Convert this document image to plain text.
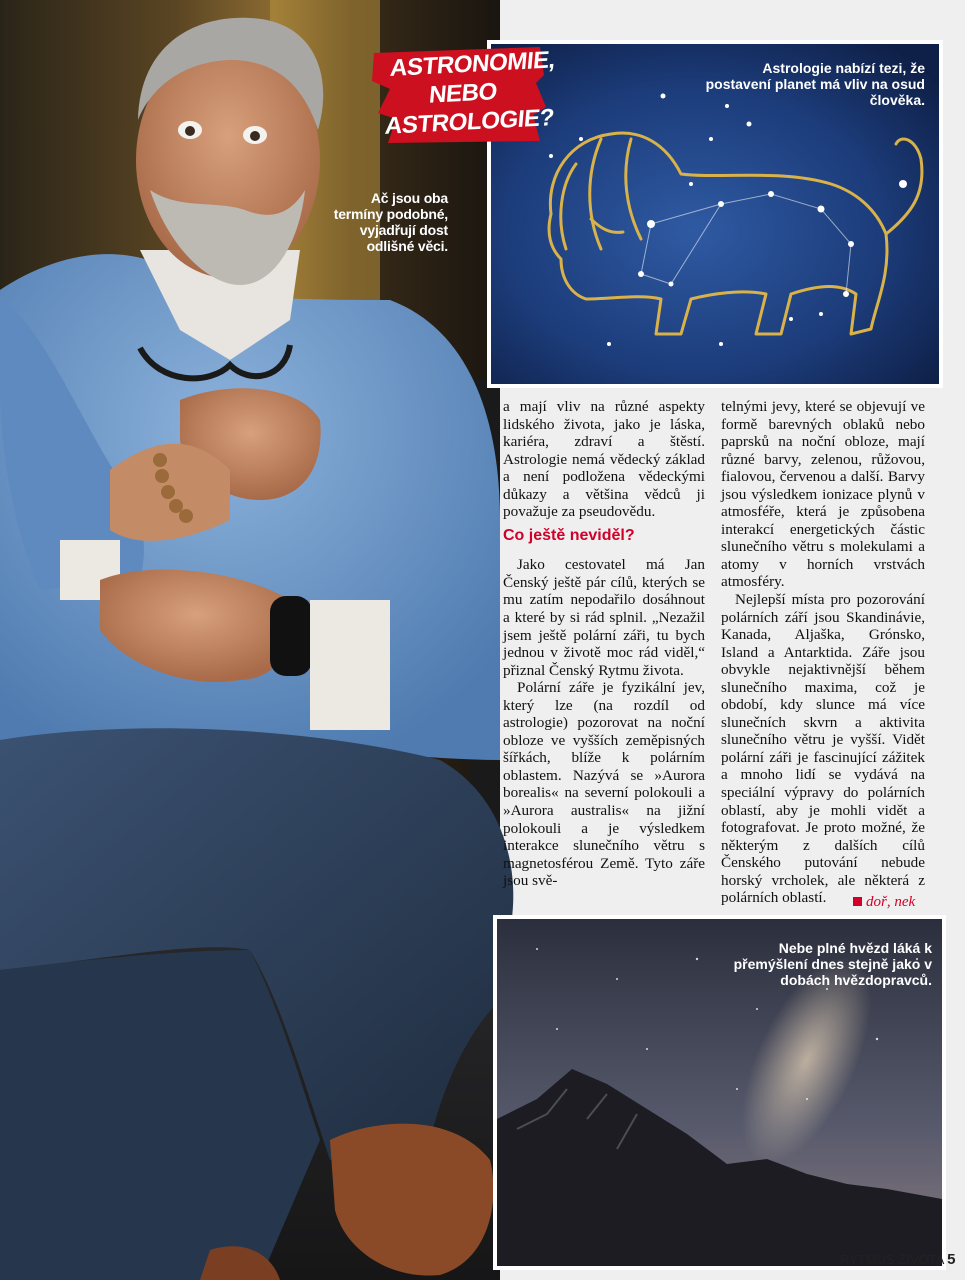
Ač jsou oba termíny podobné, vyjadřují dost odlišné věci.
Astrologie nabízí tezi, že postavení planet má vliv na osud člověka.
ASTRONOMIE,
NEBO
ASTROLOGIE?

a mají vliv na různé aspekty lidského života, jako je láska, kariéra, zdraví a štěstí. Astrologie nemá vědecký základ a není podložena vědeckými důkazy a většina vědců ji považuje za pseudovědu.

Co ještě neviděl?

Jako cestovatel má Jan Čenský ještě pár cílů, kterých se mu zatím nepodařilo dosáhnout a které by si rád splnil. „Nezažil jsem ještě polární záři, tu bych jednou v životě moc rád viděl,“ přiznal Čenský Rytmu života.

Polární záře je fyzikální jev, který lze (na rozdíl od astrologie) pozorovat na noční obloze ve vyšších zeměpisných šířkách, blíže k polárním oblastem. Nazývá se »Aurora borealis« na severní polokouli a »Aurora australis« na jižní polokouli a je výsledkem interakce slunečního větru s magnetosférou Země. Tyto záře jsou svě-

telnými jevy, které se objevují ve formě barevných oblaků nebo paprsků na noční obloze, mají různé barvy, zelenou, růžovou, fialovou, červenou a další. Barvy jsou výsledkem ionizace plynů v atmosféře, která je způsobena interakcí energetických částic slunečního větru s molekulami a atomy v horních vrstvách atmosféry.

Nejlepší místa pro pozorování polárních září jsou Skandinávie, Kanada, Aljaška, Grónsko, Island a Antarktida. Záře jsou obvykle nejaktivnější během slunečního maxima, což je období, kdy slunce má více slunečních skvrn a aktivita slunečního větru je vyšší. Vidět polární záři je fascinující zážitek a mnoho lidí se vydává na speciální výpravy do polárních oblastí, aby je mohli vidět a fotografovat. Je proto možné, že některým z dalších cílů Čenského putování nebude horský vrcholek, ale některá z polárních oblastí.	doř, nek
Nebe plné hvězd láká k přemýšlení dnes stejně jako v dobách hvězdopravců.
RYTMUS ŽIVOTA 5
